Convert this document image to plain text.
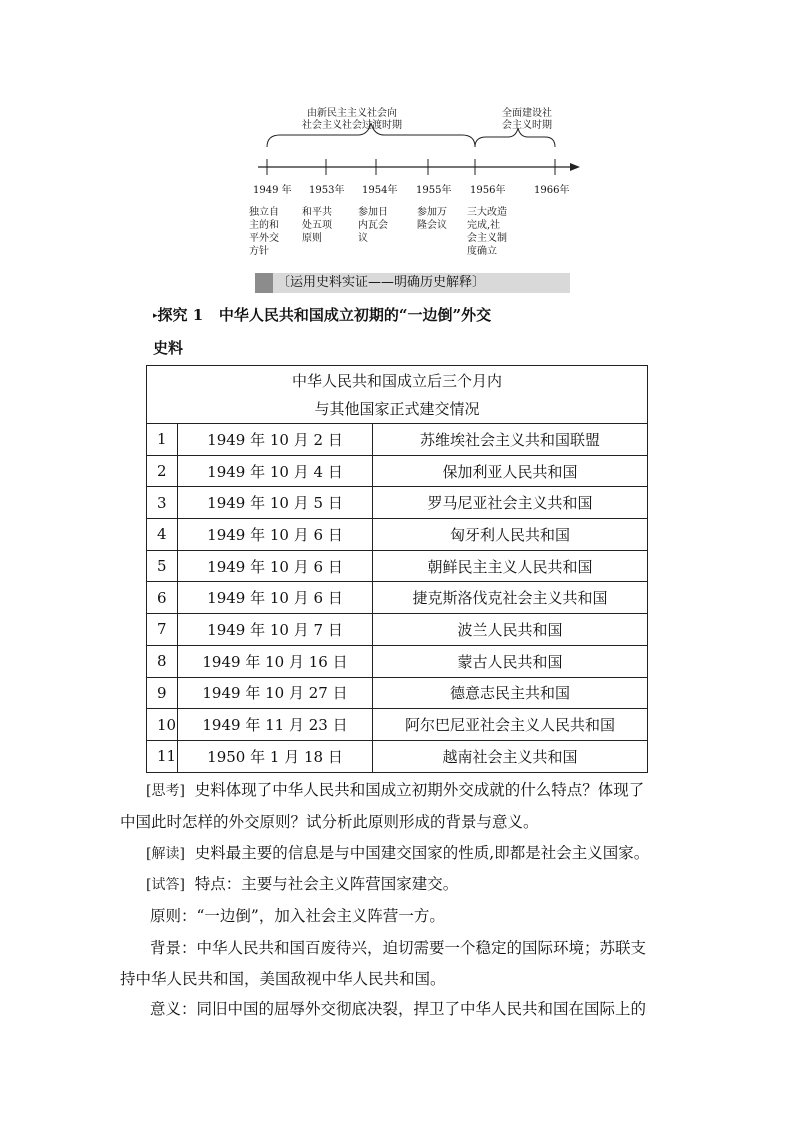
由新民主主义社会向
社会主义社会过渡时期
全面建设社
会主义时期
1949 年 1953年 1954年 1955年 1956年	1966年
独立自
主的和
平外交
方针
和平共
处五项
原则
参加日
内瓦会
议
参加万
隆会议
三大改造
完成,社
会主义制
度确立
〔运用史料实证——明确历史解释〕
▸探究 1 中华人民共和国成立初期的“一边倒”外交
史料
中华人民共和国成立后三个月内
与其他国家正式建交情况		

1	1949 年 10 月 2 日	苏维埃社会主义共和国联盟
2	1949 年 10 月 4 日	保加利亚人民共和国
3	1949 年 10 月 5 日	罗马尼亚社会主义共和国
4	1949 年 10 月 6 日	匈牙利人民共和国
5	1949 年 10 月 6 日	朝鲜民主主义人民共和国
6	1949 年 10 月 6 日	捷克斯洛伐克社会主义共和国
7	1949 年 10 月 7 日	波兰人民共和国
8	1949 年 10 月 16 日	蒙古人民共和国
9	1949 年 10 月 27 日	德意志民主共和国
10	1949 年 11 月 23 日	阿尔巴尼亚社会主义人民共和国
11	1950 年 1 月 18 日	越南社会主义共和国
[思考] 史料体现了中华人民共和国成立初期外交成就的什么特点？体现了
中国此时怎样的外交原则？试分析此原则形成的背景与意义。
[解读] 史料最主要的信息是与中国建交国家的性质,即都是社会主义国家。
[试答] 特点：主要与社会主义阵营国家建交。
原则：“一边倒”，加入社会主义阵营一方。
背景：中华人民共和国百废待兴，迫切需要一个稳定的国际环境；苏联支
持中华人民共和国，美国敌视中华人民共和国。
意义：同旧中国的屈辱外交彻底决裂，捍卫了中华人民共和国在国际上的
